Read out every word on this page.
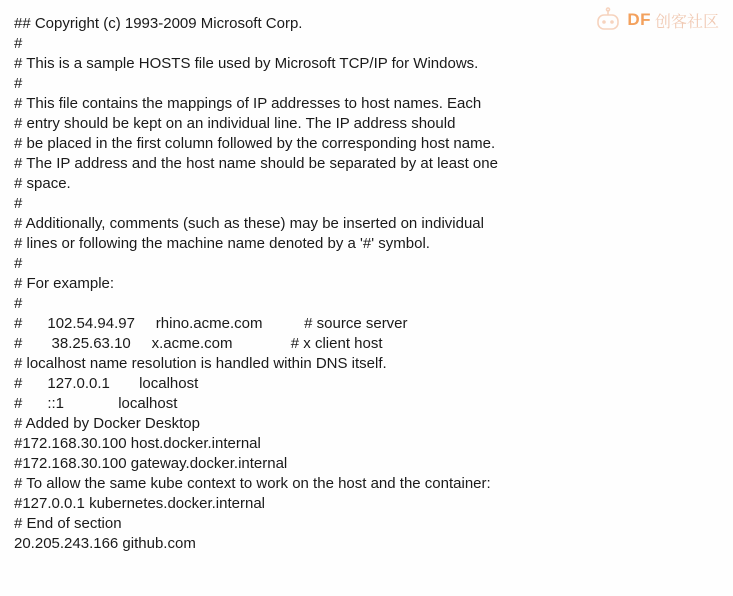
## Copyright (c) 1993-2009 Microsoft Corp.
#
# This is a sample HOSTS file used by Microsoft TCP/IP for Windows.
#
# This file contains the mappings of IP addresses to host names. Each
# entry should be kept on an individual line. The IP address should
# be placed in the first column followed by the corresponding host name.
# The IP address and the host name should be separated by at least one
# space.
#
# Additionally, comments (such as these) may be inserted on individual
# lines or following the machine name denoted by a '#' symbol.
#
# For example:
#
#      102.54.94.97     rhino.acme.com          # source server
#       38.25.63.10     x.acme.com              # x client host
# localhost name resolution is handled within DNS itself.
#      127.0.0.1       localhost
#      ::1             localhost
# Added by Docker Desktop
#172.168.30.100 host.docker.internal
#172.168.30.100 gateway.docker.internal
# To allow the same kube context to work on the host and the container:
#127.0.0.1 kubernetes.docker.internal
# End of section
20.205.243.166 github.com
DF 创客社区
